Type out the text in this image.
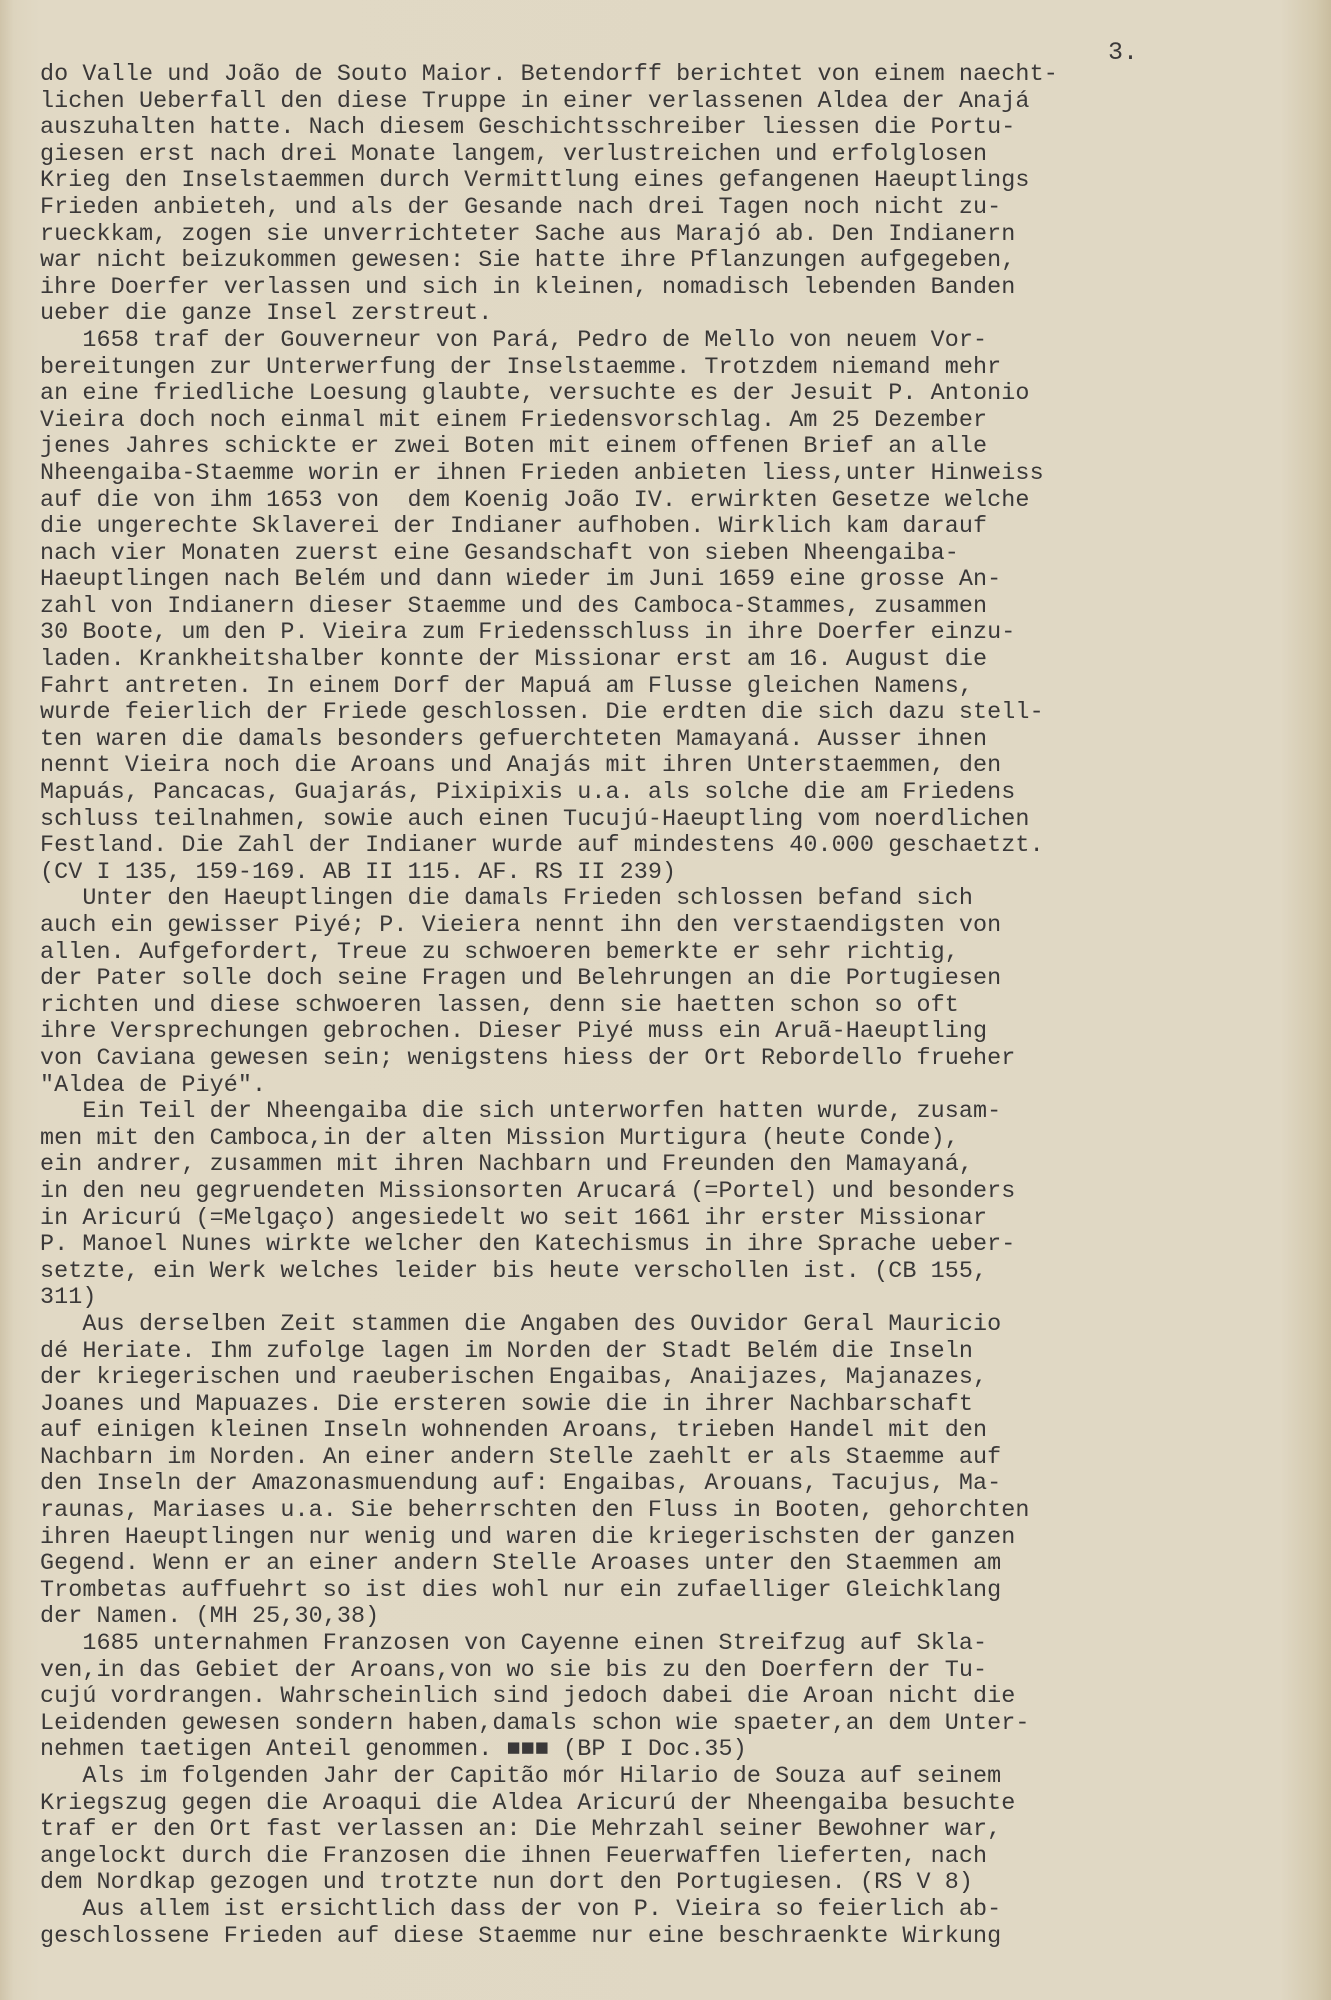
3.
do Valle und João de Souto Maior. Betendorff berichtet von einem naecht-
lichen Ueberfall den diese Truppe in einer verlassenen Aldea der Anajá
auszuhalten hatte. Nach diesem Geschichtsschreiber liessen die Portu-
giesen erst nach drei Monate langem, verlustreichen und erfolglosen
Krieg den Inselstaemmen durch Vermittlung eines gefangenen Haeuptlings
Frieden anbieteh, und als der Gesande nach drei Tagen noch nicht zu-
rueckkam, zogen sie unverrichteter Sache aus Marajó ab. Den Indianern
war nicht beizukommen gewesen: Sie hatte ihre Pflanzungen aufgegeben,
ihre Doerfer verlassen und sich in kleinen, nomadisch lebenden Banden
ueber die ganze Insel zerstreut.
1658 traf der Gouverneur von Pará, Pedro de Mello von neuem Vor-
bereitungen zur Unterwerfung der Inselstaemme. Trotzdem niemand mehr
an eine friedliche Loesung glaubte, versuchte es der Jesuit P. Antonio
Vieira doch noch einmal mit einem Friedensvorschlag. Am 25 Dezember
jenes Jahres schickte er zwei Boten mit einem offenen Brief an alle
Nheengaiba-Staemme worin er ihnen Frieden anbieten liess,unter Hinweiss
auf die von ihm 1653 von  dem Koenig João IV. erwirkten Gesetze welche
die ungerechte Sklaverei der Indianer aufhoben. Wirklich kam darauf
nach vier Monaten zuerst eine Gesandschaft von sieben Nheengaiba-
Haeuptlingen nach Belém und dann wieder im Juni 1659 eine grosse An-
zahl von Indianern dieser Staemme und des Camboca-Stammes, zusammen
30 Boote, um den P. Vieira zum Friedensschluss in ihre Doerfer einzu-
laden. Krankheitshalber konnte der Missionar erst am 16. August die
Fahrt antreten. In einem Dorf der Mapuá am Flusse gleichen Namens,
wurde feierlich der Friede geschlossen. Die erdten die sich dazu stell-
ten waren die damals besonders gefuerchteten Mamayaná. Ausser ihnen
nennt Vieira noch die Aroans und Anajás mit ihren Unterstaemmen, den
Mapuás, Pancacas, Guajarás, Pixipixis u.a. als solche die am Friedens
schluss teilnahmen, sowie auch einen Tucujú-Haeuptling vom noerdlichen
Festland. Die Zahl der Indianer wurde auf mindestens 40.000 geschaetzt.
(CV I 135, 159-169. AB II 115. AF. RS II 239)
Unter den Haeuptlingen die damals Frieden schlossen befand sich
auch ein gewisser Piyé; P. Vieiera nennt ihn den verstaendigsten von
allen. Aufgefordert, Treue zu schwoeren bemerkte er sehr richtig,
der Pater solle doch seine Fragen und Belehrungen an die Portugiesen
richten und diese schwoeren lassen, denn sie haetten schon so oft
ihre Versprechungen gebrochen. Dieser Piyé muss ein Aruã-Haeuptling
von Caviana gewesen sein; wenigstens hiess der Ort Rebordello frueher
"Aldea de Piyé".
Ein Teil der Nheengaiba die sich unterworfen hatten wurde, zusam-
men mit den Camboca,in der alten Mission Murtigura (heute Conde),
ein andrer, zusammen mit ihren Nachbarn und Freunden den Mamayaná,
in den neu gegruendeten Missionsorten Arucará (=Portel) und besonders
in Aricurú (=Melgaço) angesiedelt wo seit 1661 ihr erster Missionar
P. Manoel Nunes wirkte welcher den Katechismus in ihre Sprache ueber-
setzte, ein Werk welches leider bis heute verschollen ist. (CB 155,
311)
Aus derselben Zeit stammen die Angaben des Ouvidor Geral Mauricio
dé Heriate. Ihm zufolge lagen im Norden der Stadt Belém die Inseln
der kriegerischen und raeuberischen Engaibas, Anaijazes, Majanazes,
Joanes und Mapuazes. Die ersteren sowie die in ihrer Nachbarschaft
auf einigen kleinen Inseln wohnenden Aroans, trieben Handel mit den
Nachbarn im Norden. An einer andern Stelle zaehlt er als Staemme auf
den Inseln der Amazonasmuendung auf: Engaibas, Arouans, Tacujus, Ma-
raunas, Mariases u.a. Sie beherrschten den Fluss in Booten, gehorchten
ihren Haeuptlingen nur wenig und waren die kriegerischsten der ganzen
Gegend. Wenn er an einer andern Stelle Aroases unter den Staemmen am
Trombetas auffuehrt so ist dies wohl nur ein zufaelliger Gleichklang
der Namen. (MH 25,30,38)
1685 unternahmen Franzosen von Cayenne einen Streifzug auf Skla-
ven,in das Gebiet der Aroans,von wo sie bis zu den Doerfern der Tu-
cujú vordrangen. Wahrscheinlich sind jedoch dabei die Aroan nicht die
Leidenden gewesen sondern haben,damals schon wie spaeter,an dem Unter-
nehmen taetigen Anteil genommen. ■■■ (BP I Doc.35)
Als im folgenden Jahr der Capitão mór Hilario de Souza auf seinem
Kriegszug gegen die Aroaqui die Aldea Aricurú der Nheengaiba besuchte
traf er den Ort fast verlassen an: Die Mehrzahl seiner Bewohner war,
angelockt durch die Franzosen die ihnen Feuerwaffen lieferten, nach
dem Nordkap gezogen und trotzte nun dort den Portugiesen. (RS V 8)
Aus allem ist ersichtlich dass der von P. Vieira so feierlich ab-
geschlossene Frieden auf diese Staemme nur eine beschraenkte Wirkung
